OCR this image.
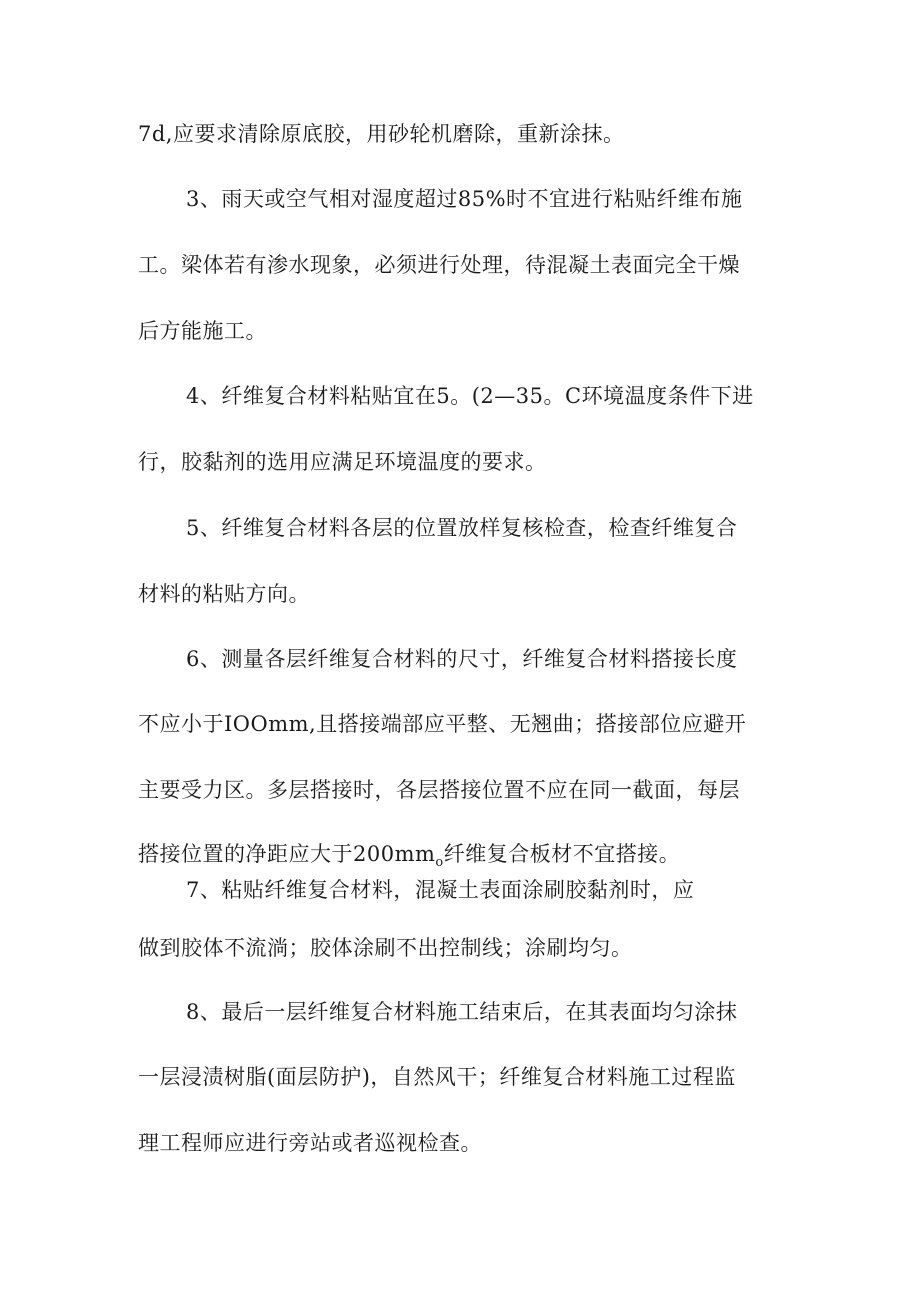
7d,应要求清除原底胶，用砂轮机磨除，重新涂抹。
3、雨天或空气相对湿度超过85%时不宜进行粘贴纤维布施
工。梁体若有渗水现象，必须进行处理，待混凝土表面完全干燥
后方能施工。
4、纤维复合材料粘贴宜在5。(2—35。C环境温度条件下进
行，胶黏剂的选用应满足环境温度的要求。
5、纤维复合材料各层的位置放样复核检查，检查纤维复合
材料的粘贴方向。
6、测量各层纤维复合材料的尺寸，纤维复合材料搭接长度
不应小于IOOmm,且搭接端部应平整、无翘曲；搭接部位应避开
主要受力区。多层搭接时，各层搭接位置不应在同一截面，每层
搭接位置的净距应大于$200mm_o$纤维复合板材不宜搭接。
7、粘贴纤维复合材料，混凝土表面涂刷胶黏剂时，应
做到胶体不流淌；胶体涂刷不出控制线；涂刷均匀。
8、最后一层纤维复合材料施工结束后，在其表面均匀涂抹
一层浸渍树脂(面层防护)，自然风干；纤维复合材料施工过程监
理工程师应进行旁站或者巡视检查。
